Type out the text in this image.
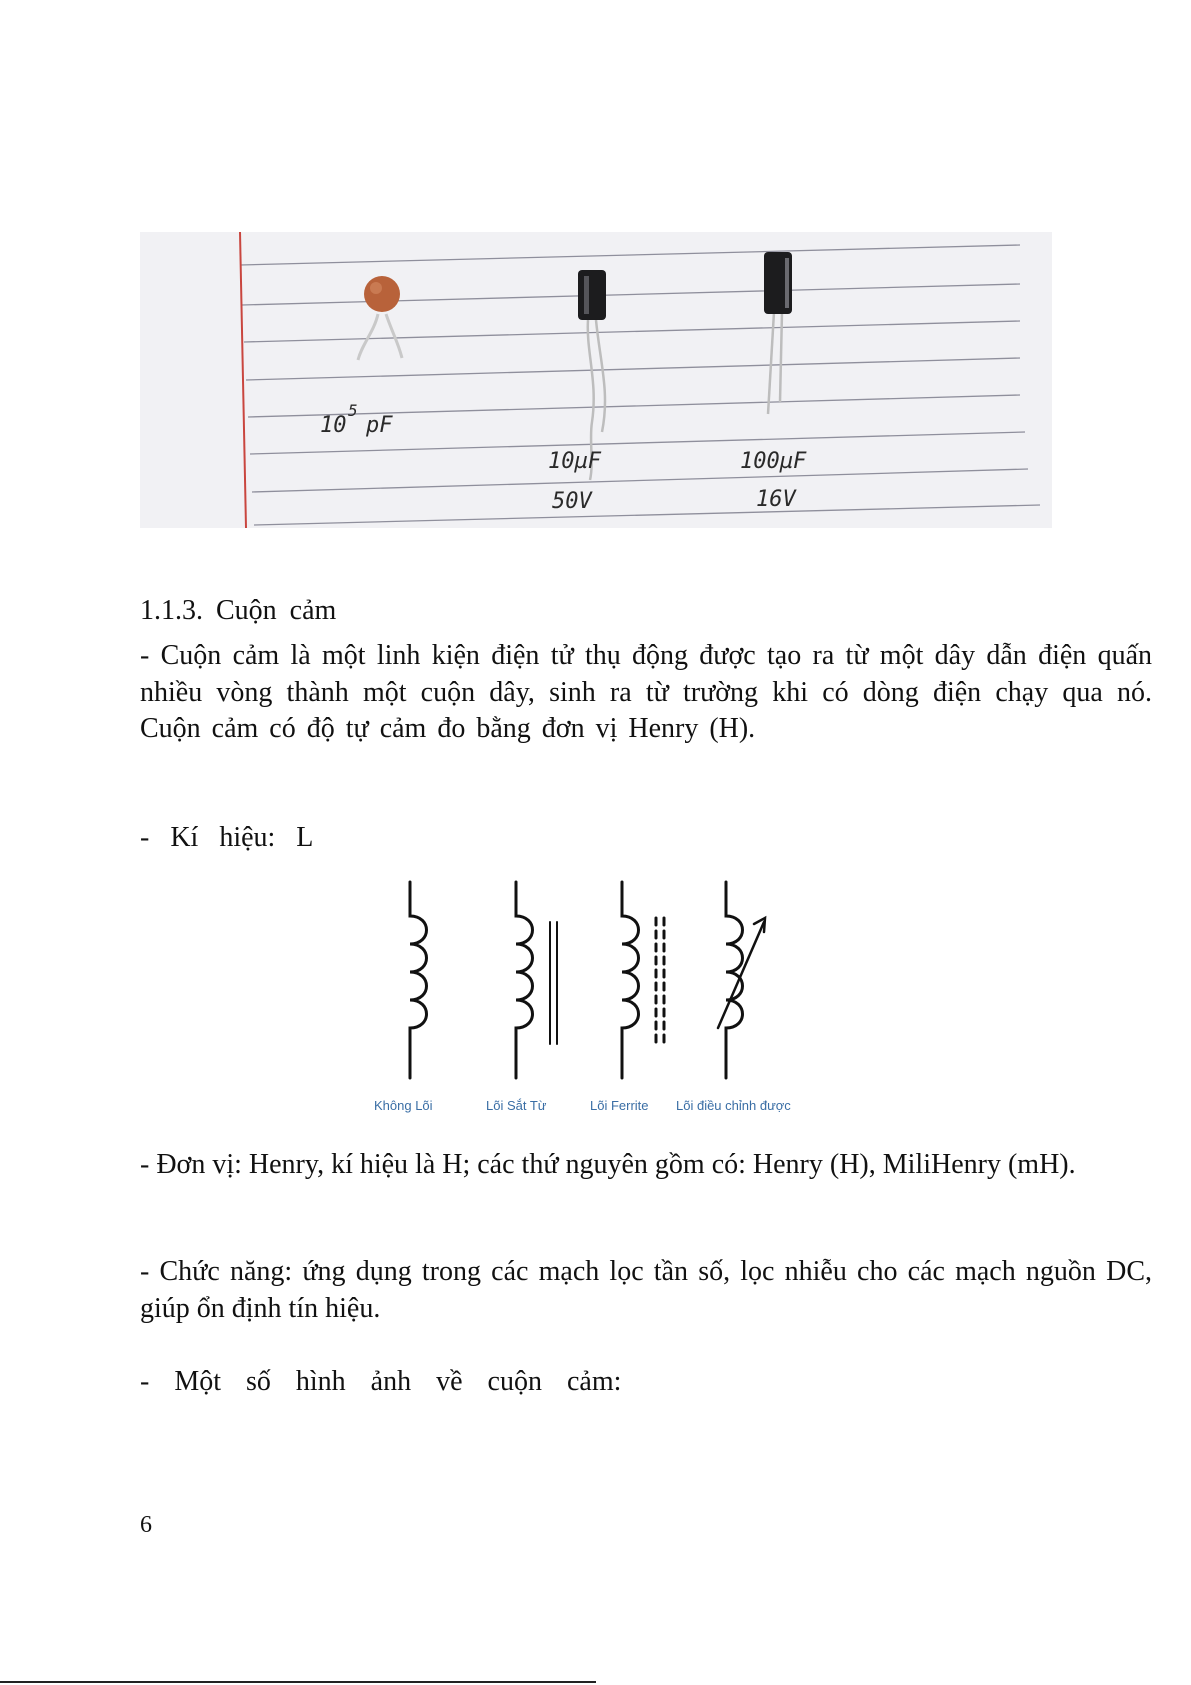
10
5
pF
10µF
50V
100µF
16V
1.1.3. Cuộn cảm
- Cuộn cảm là một linh kiện điện tử thụ động được tạo ra từ một dây dẫn điện quấn nhiều vòng thành một cuộn dây, sinh ra từ trường khi có dòng điện chạy qua nó. Cuộn cảm có độ tự cảm đo bằng đơn vị Henry (H).
- Kí hiệu: L
Không Lõi	Lõi Sắt Từ	Lõi Ferrite Lõi điều chỉnh được
- Đơn vị: Henry, kí hiệu là H; các thứ nguyên gồm có: Henry (H), MiliHenry (mH).
- Chức năng: ứng dụng trong các mạch lọc tần số, lọc nhiễu cho các mạch nguồn DC, giúp ổn định tín hiệu.
- Một số hình ảnh về cuộn cảm:
6
